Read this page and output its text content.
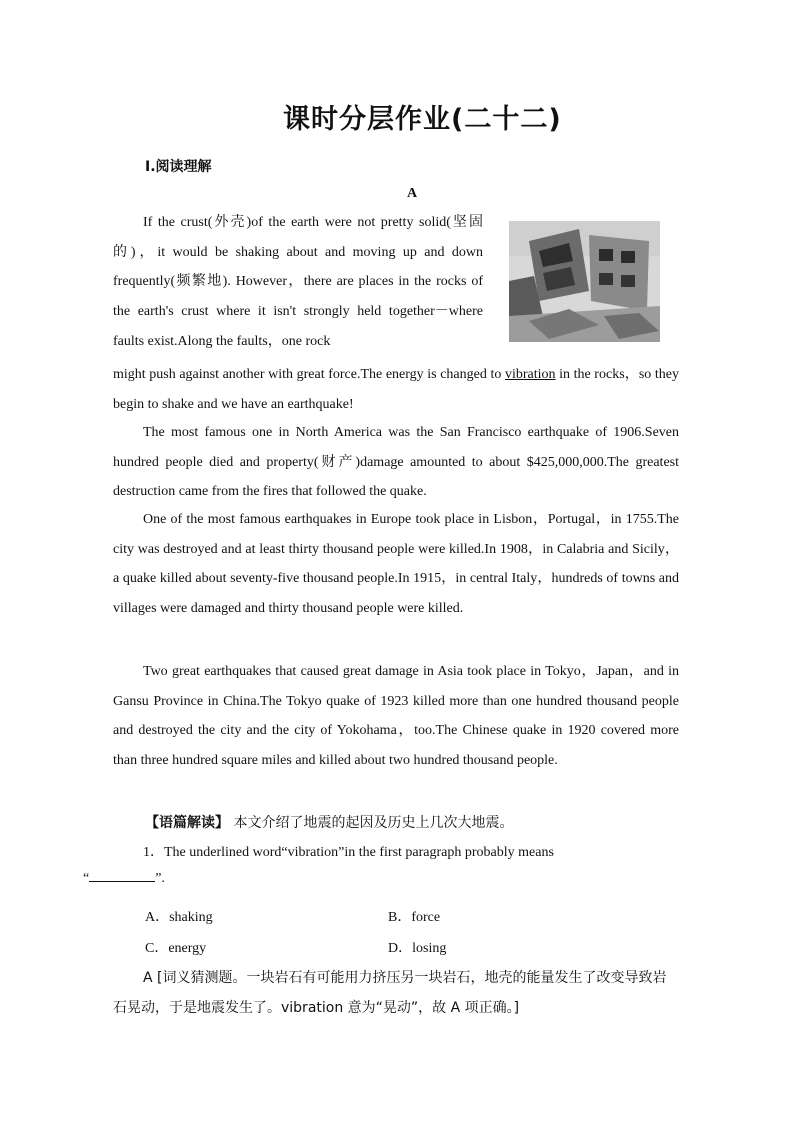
课时分层作业(二十二)
Ⅰ.阅读理解
A
If the crust(外壳)of the earth were not pretty solid(坚固的)，it would be shaking about and moving up and down frequently(频繁地). However，there are places in the rocks of the earth's crust where it isn't strongly held together－where faults exist.Along the faults，one rock
might push against another with great force.The energy is changed to vibration in the rocks，so they begin to shake and we have an earthquake!

The most famous one in North America was the San Francisco earthquake of 1906.Seven hundred people died and property(财产)damage amounted to about $425,000,000.The greatest destruction came from the fires that followed the quake.

One of the most famous earthquakes in Europe took place in Lisbon，Portugal，in 1755.The city was destroyed and at least thirty thousand people were killed.In 1908，in Calabria and Sicily，a quake killed about seventy-five thousand people.In 1915，in central Italy，hundreds of towns and villages were damaged and thirty thousand people were killed.

Two great earthquakes that caused great damage in Asia took place in Tokyo，Japan，and in Gansu Province in China.The Tokyo quake of 1923 killed more than one hundred thousand people and destroyed the city and the city of Yokohama，too.The Chinese quake in 1920 covered more than three hundred square miles and killed about two hundred thousand people.

【语篇解读】 本文介绍了地震的起因及历史上几次大地震。
1．The underlined word“vibration”in the first paragraph probably means
“	”.
A．shaking	B．force
C．energy	D．losing
A [词义猜测题。一块岩石有可能用力挤压另一块岩石，地壳的能量发生了改变导致岩石晃动，于是地震发生了。vibration 意为“晃动”，故 A 项正确。]
